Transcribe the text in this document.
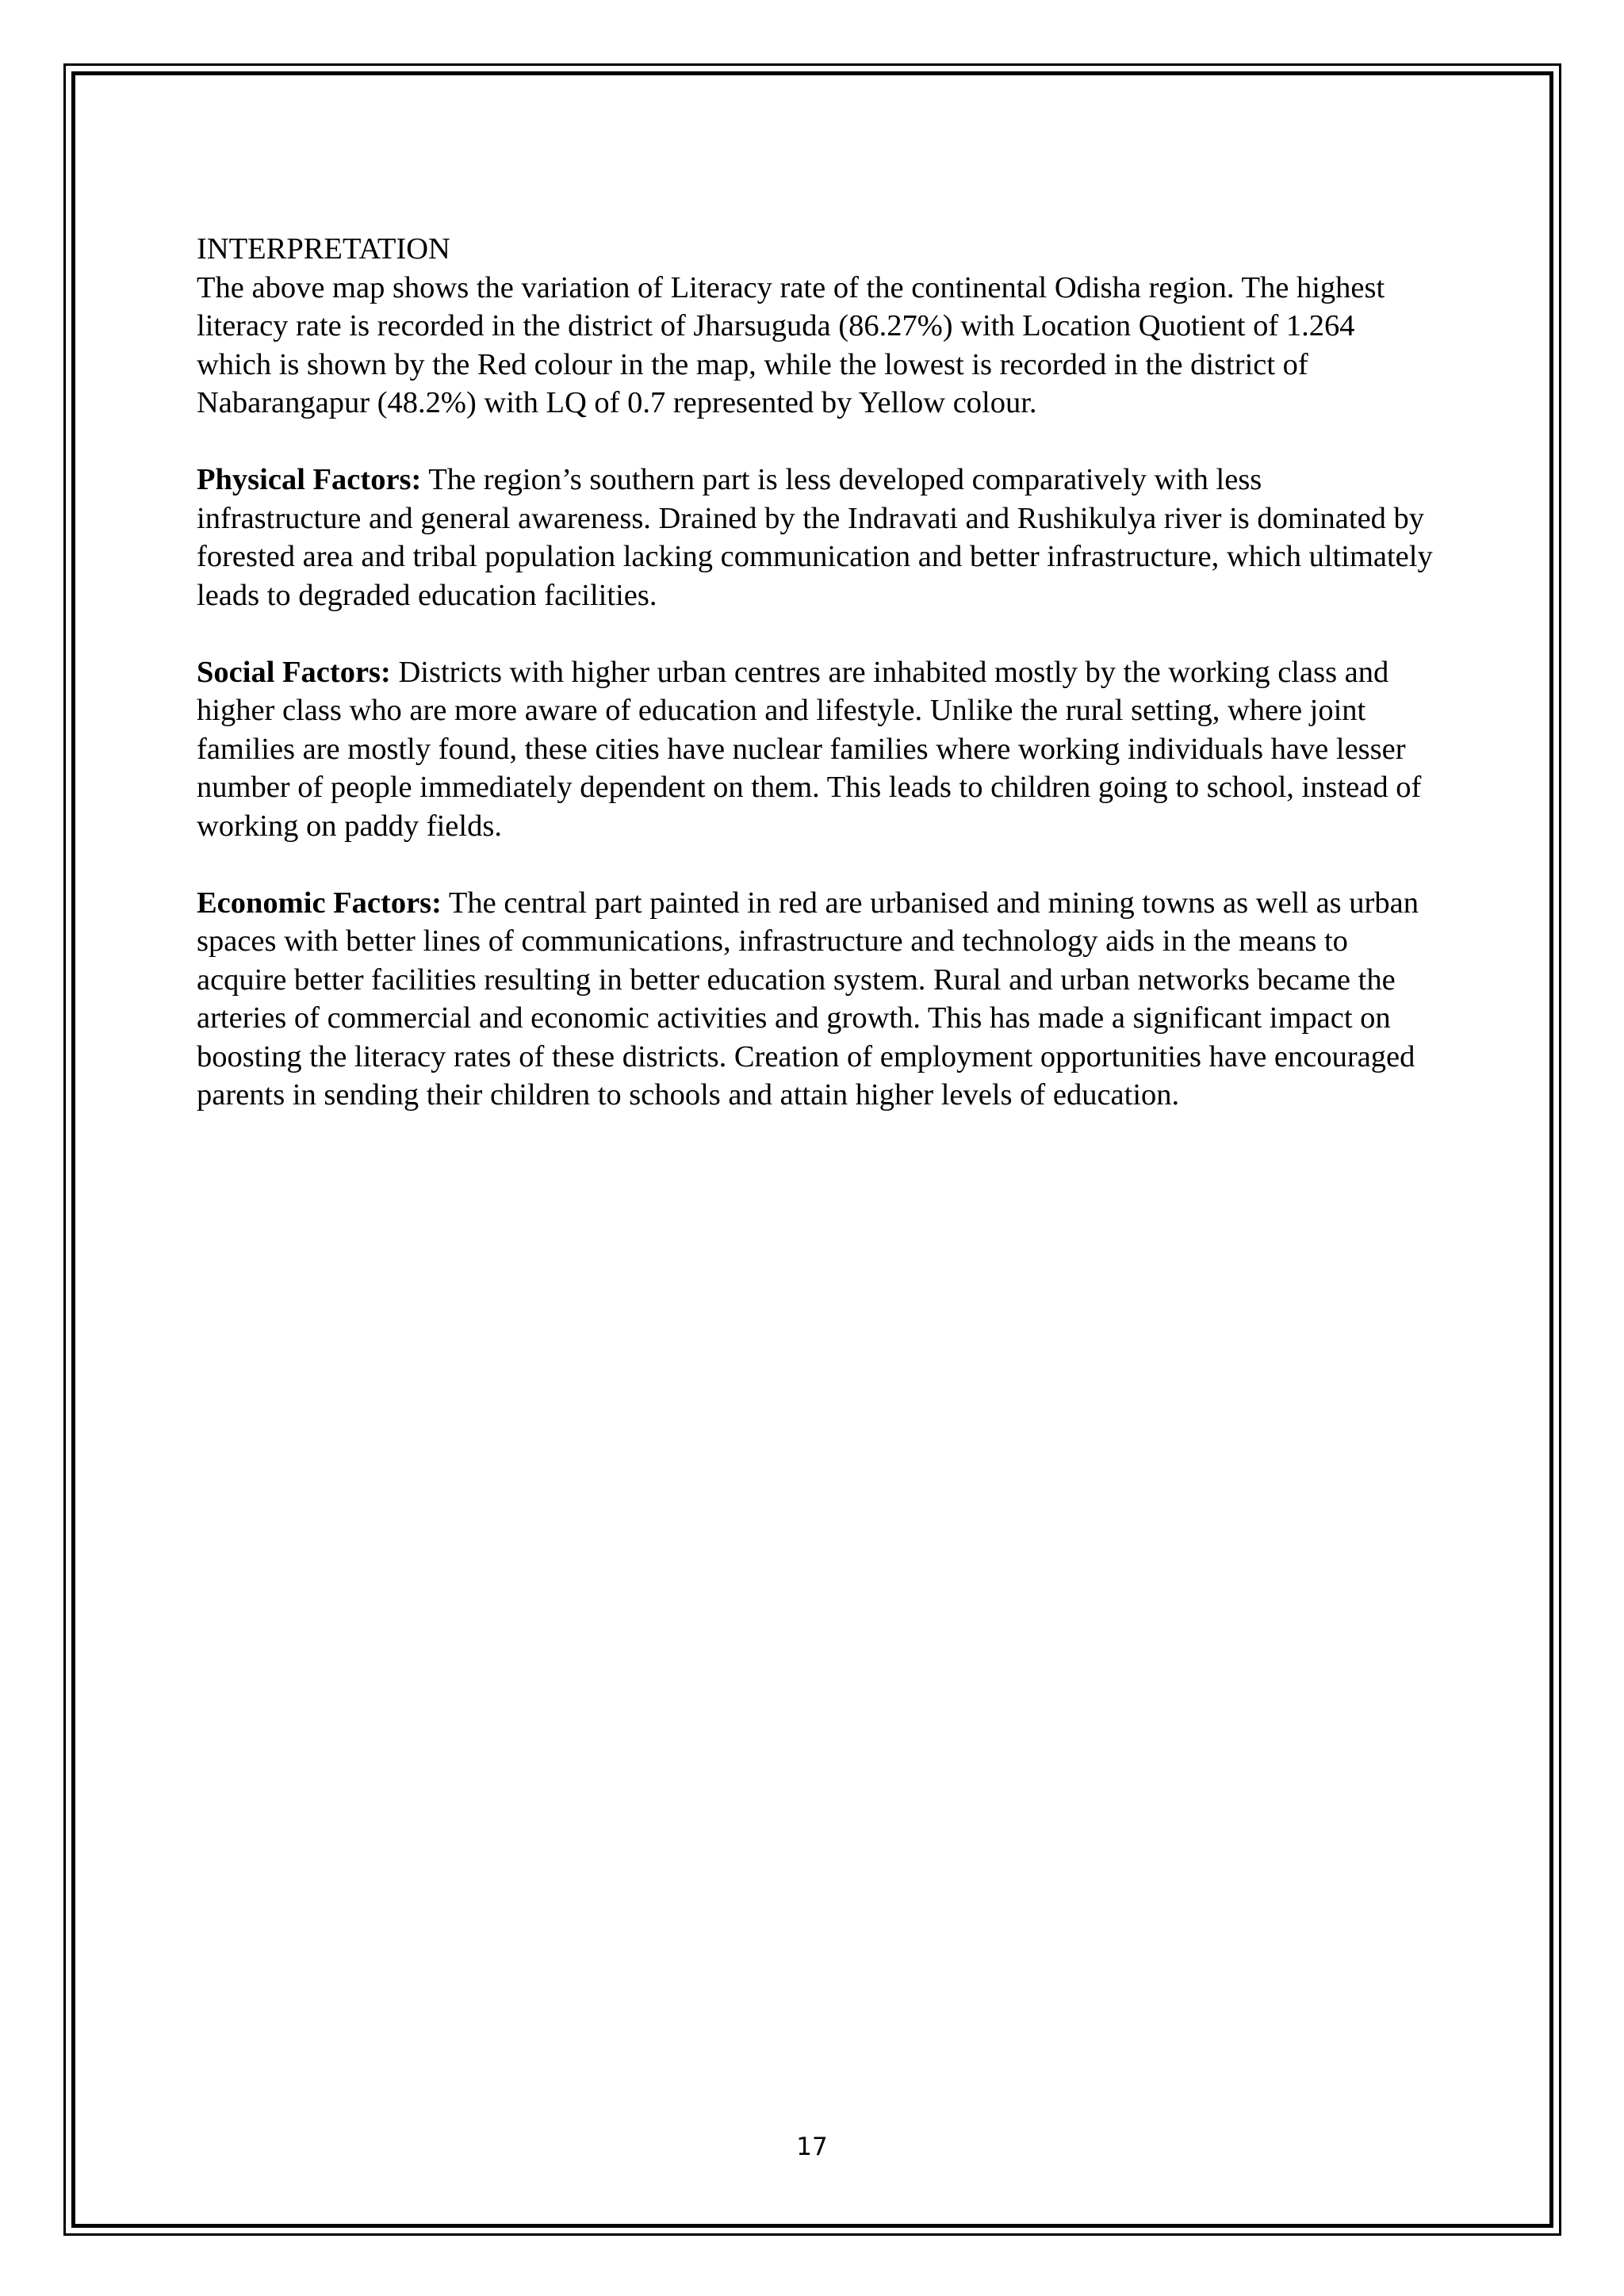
INTERPRETATION

The above map shows the variation of Literacy rate of the continental Odisha region. The highest literacy rate is recorded in the district of Jharsuguda (86.27%) with Location Quotient of 1.264 which is shown by the Red colour in the map, while the lowest is recorded in the district of Nabarangapur (48.2%) with LQ of 0.7 represented by Yellow colour.

Physical Factors: The region’s southern part is less developed comparatively with less infrastructure and general awareness. Drained by the Indravati and Rushikulya river is dominated by forested area and tribal population lacking communication and better infrastructure, which ultimately leads to degraded education facilities.

Social Factors: Districts with higher urban centres are inhabited mostly by the working class and higher class who are more aware of education and lifestyle. Unlike the rural setting, where joint families are mostly found, these cities have nuclear families where working individuals have lesser number of people immediately dependent on them. This leads to children going to school, instead of working on paddy fields.

Economic Factors: The central part painted in red are urbanised and mining towns as well as urban spaces with better lines of communications, infrastructure and technology aids in the means to acquire better facilities resulting in better education system. Rural and urban networks became the arteries of commercial and economic activities and growth. This has made a significant impact on boosting the literacy rates of these districts. Creation of employment opportunities have encouraged parents in sending their children to schools and attain higher levels of education.

17
